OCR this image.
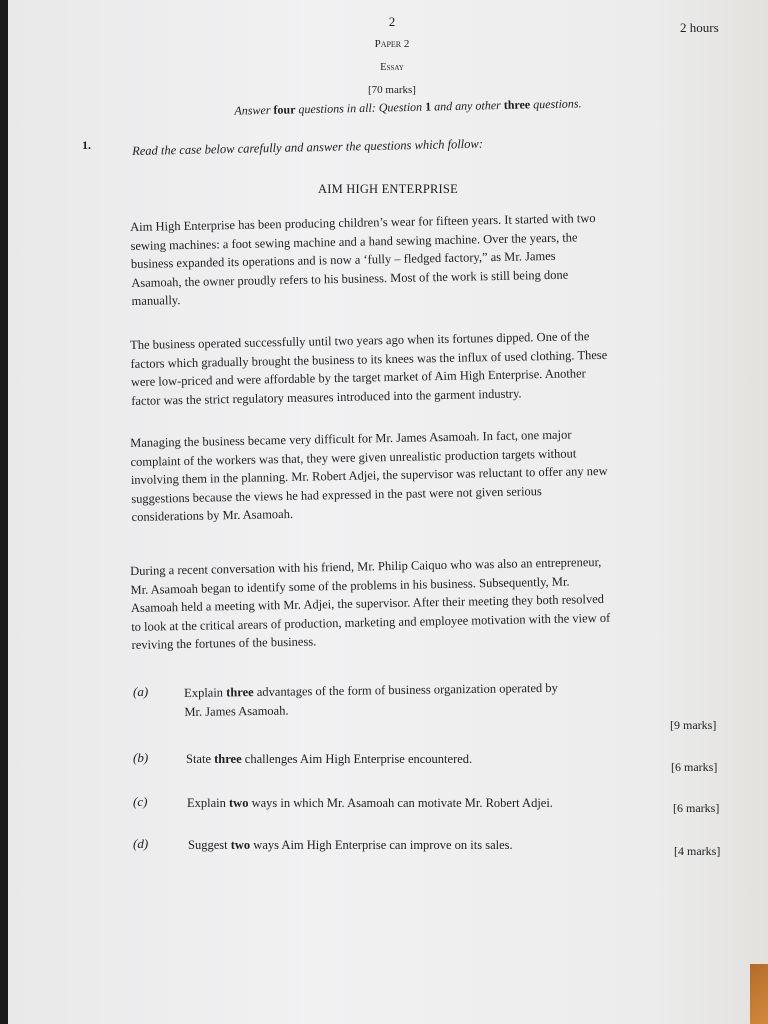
2	2 hours
Paper 2
Essay
[70 marks]
Answer four questions in all: Question 1 and any other three questions.
1.	Read the case below carefully and answer the questions which follow:
AIM HIGH ENTERPRISE
Aim High Enterprise has been producing children’s wear for fifteen years. It started with two
sewing machines: a foot sewing machine and a hand sewing machine. Over the years, the
business expanded its operations and is now a ‘fully – fledged factory,” as Mr. James
Asamoah, the owner proudly refers to his business. Most of the work is still being done
manually.
The business operated successfully until two years ago when its fortunes dipped. One of the
factors which gradually brought the business to its knees was the influx of used clothing. These
were low-priced and were affordable by the target market of Aim High Enterprise. Another
factor was the strict regulatory measures introduced into the garment industry.
Managing the business became very difficult for Mr. James Asamoah. In fact, one major
complaint of the workers was that, they were given unrealistic production targets without
involving them in the planning. Mr. Robert Adjei, the supervisor was reluctant to offer any new
suggestions because the views he had expressed in the past were not given serious
considerations by Mr. Asamoah.
During a recent conversation with his friend, Mr. Philip Caiquo who was also an entrepreneur,
Mr. Asamoah began to identify some of the problems in his business. Subsequently, Mr.
Asamoah held a meeting with Mr. Adjei, the supervisor. After their meeting they both resolved
to look at the critical arears of production, marketing and employee motivation with the view of
reviving the fortunes of the business.
(a)	Explain three advantages of the form of business organization operated by
Mr. James Asamoah.
[9 marks]
(b)	State three challenges Aim High Enterprise encountered.
[6 marks]
(c)	Explain two ways in which Mr. Asamoah can motivate Mr. Robert Adjei.	[6 marks]
(d)	Suggest two ways Aim High Enterprise can improve on its sales.	[4 marks]
